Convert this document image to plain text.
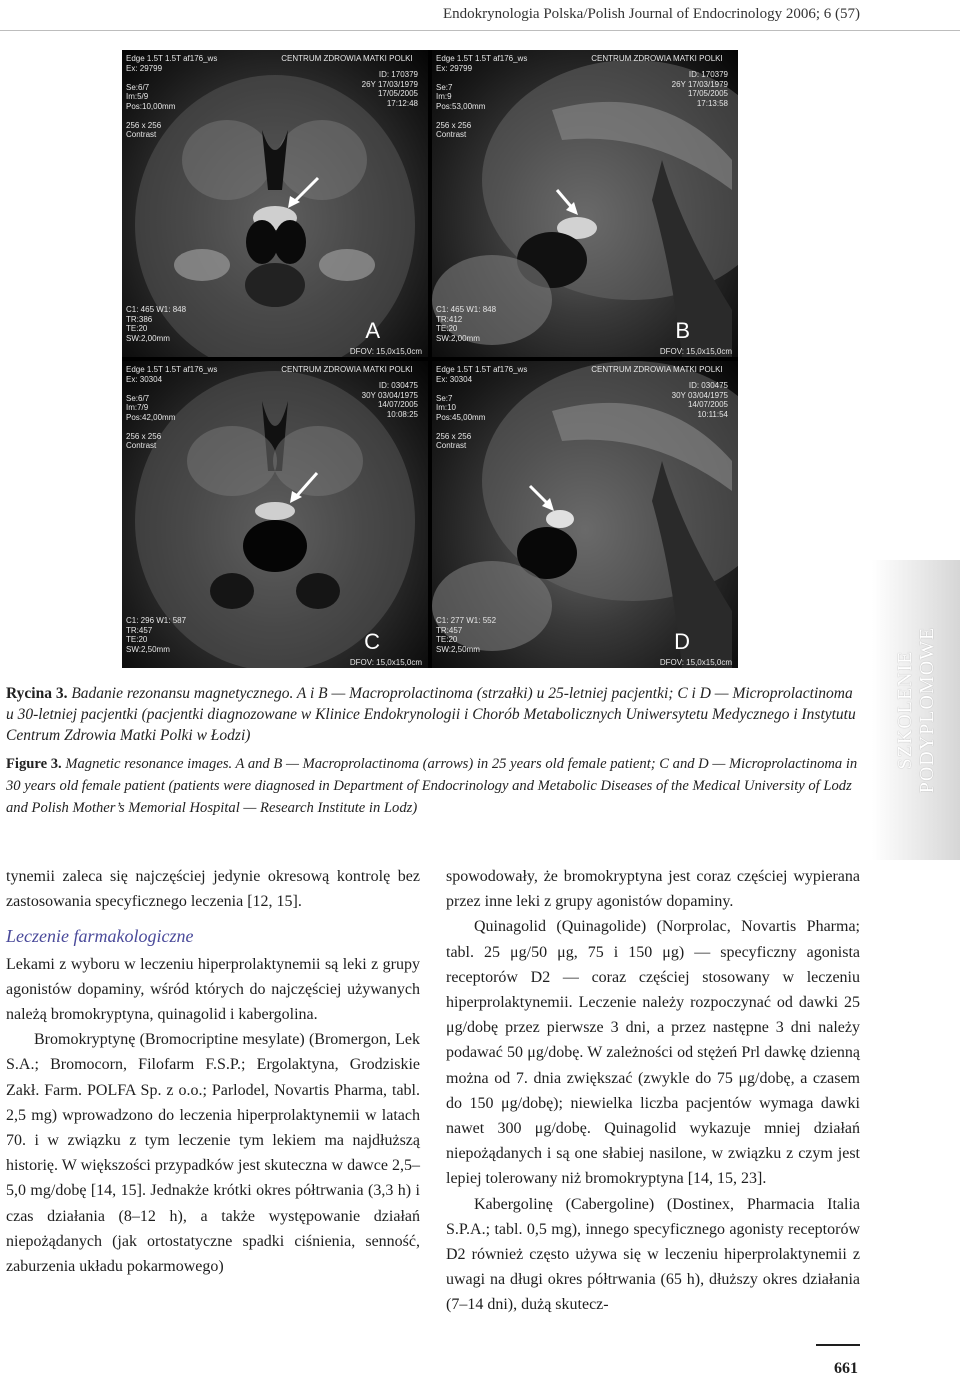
Endokrynologia Polska/Polish Journal of Endocrinology 2006; 6 (57)
Edge 1.5T 1.5T af176_ws
Ex: 29799

Se:6/7
Im:5/9
Pos:10,00mm

256 x 256
Contrast
CENTRUM ZDROWIA MATKI POLKI
ID: 170379
26Y 17/03/1979
17/05/2005
17:12:48
C1: 465 W1: 848
TR:386
TE:20
SW:2,00mm
DFOV: 15,0x15,0cm
A
Edge 1.5T 1.5T af176_ws
Ex: 29799

Se:7
Im:9
Pos:53,00mm

256 x 256
Contrast
CENTRUM ZDROWIA MATKI POLKI
ID: 170379
26Y 17/03/1979
17/05/2005
17:13:58
C1: 465 W1: 848
TR:412
TE:20
SW:2,00mm
DFOV: 15,0x15,0cm
B
Edge 1.5T 1.5T af176_ws
Ex: 30304

Se:6/7
Im:7/9
Pos:42,00mm

256 x 256
Contrast
CENTRUM ZDROWIA MATKI POLKI
ID: 030475
30Y 03/04/1975
14/07/2005
10:08:25
C1: 296 W1: 587
TR:457
TE:20
SW:2,50mm
DFOV: 15,0x15,0cm
C
Edge 1.5T 1.5T af176_ws
Ex: 30304

Se:7
Im:10
Pos:45,00mm

256 x 256
Contrast
CENTRUM ZDROWIA MATKI POLKI
ID: 030475
30Y 03/04/1975
14/07/2005
10:11:54
C1: 277 W1: 552
TR:457
TE:20
SW:2,50mm
DFOV: 15,0x15,0cm
D
Rycina 3. Badanie rezonansu magnetycznego. A i B — Macroprolactinoma (strzałki) u 25-letniej pacjentki; C i D — Microprolactinoma u 30-letniej pacjentki (pacjentki diagnozowane w Klinice Endokrynologii i Chorób Metabolicznych Uniwersytetu Medycznego i Instytutu Centrum Zdrowia Matki Polki w Łodzi)
Figure 3. Magnetic resonance images. A and B — Macroprolactinoma (arrows) in 25 years old female patient; C and D — Microprolactinoma in 30 years old female patient (patients were diagnosed in Department of Endocrinology and Metabolic Diseases of the Medical University of Lodz and Polish Mother’s Memorial Hospital — Research Institute in Lodz)
SZKOLENIE
PODYPLOMOWE

tynemii zaleca się najczęściej jedynie okresową kontrolę bez zastosowania specyficznego leczenia [12, 15].

Leczenie farmakologiczne

Lekami z wyboru w leczeniu hiperprolaktynemii są leki z grupy agonistów dopaminy, wśród których do najczęściej używanych należą bromokryptyna, quinagolid i kabergolina.

Bromokryptynę (Bromocriptine mesylate) (Bromergon, Lek S.A.; Bromocorn, Filofarm F.S.P.; Ergolaktyna, Grodziskie Zakł. Farm. POLFA Sp. z o.o.; Parlodel, Novartis Pharma, tabl. 2,5 mg) wprowadzono do leczenia hiperprolaktynemii w latach 70. i w związku z tym leczenie tym lekiem ma najdłuższą historię. W większości przypadków jest skuteczna w dawce 2,5–5,0 mg/dobę [14, 15]. Jednakże krótki okres półtrwania (3,3 h) i czas działania (8–12 h), a także występowanie działań niepożądanych (jak ortostatyczne spadki ciśnienia, senność, zaburzenia układu pokarmowego)

spowodowały, że bromokryptyna jest coraz częściej wypierana przez inne leki z grupy agonistów dopaminy.

Quinagolid (Quinagolide) (Norprolac, Novartis Pharma; tabl. 25 μg/50 μg, 75 i 150 μg) — specyficzny agonista receptorów D2 — coraz częściej stosowany w leczeniu hiperprolaktynemii. Leczenie należy rozpoczynać od dawki 25 μg/dobę przez pierwsze 3 dni, a przez następne 3 dni należy podawać 50 μg/dobę. W zależności od stężeń Prl dawkę dzienną można od 7. dnia zwiększać (zwykle do 75 μg/dobę, a czasem do 150 μg/dobę); niewielka liczba pacjentów wymaga dawki nawet 300 μg/dobę. Quinagolid wykazuje mniej działań niepożądanych i są one słabiej nasilone, w związku z czym jest lepiej tolerowany niż bromokryptyna [14, 15, 23].

Kabergolinę (Cabergoline) (Dostinex, Pharmacia Italia S.P.A.; tabl. 0,5 mg), innego specyficznego agonisty receptorów D2 również często używa się w leczeniu hiperprolaktynemii z uwagi na długi okres półtrwania (65 h), dłuższy okres działania (7–14 dni), dużą skutecz-

661
